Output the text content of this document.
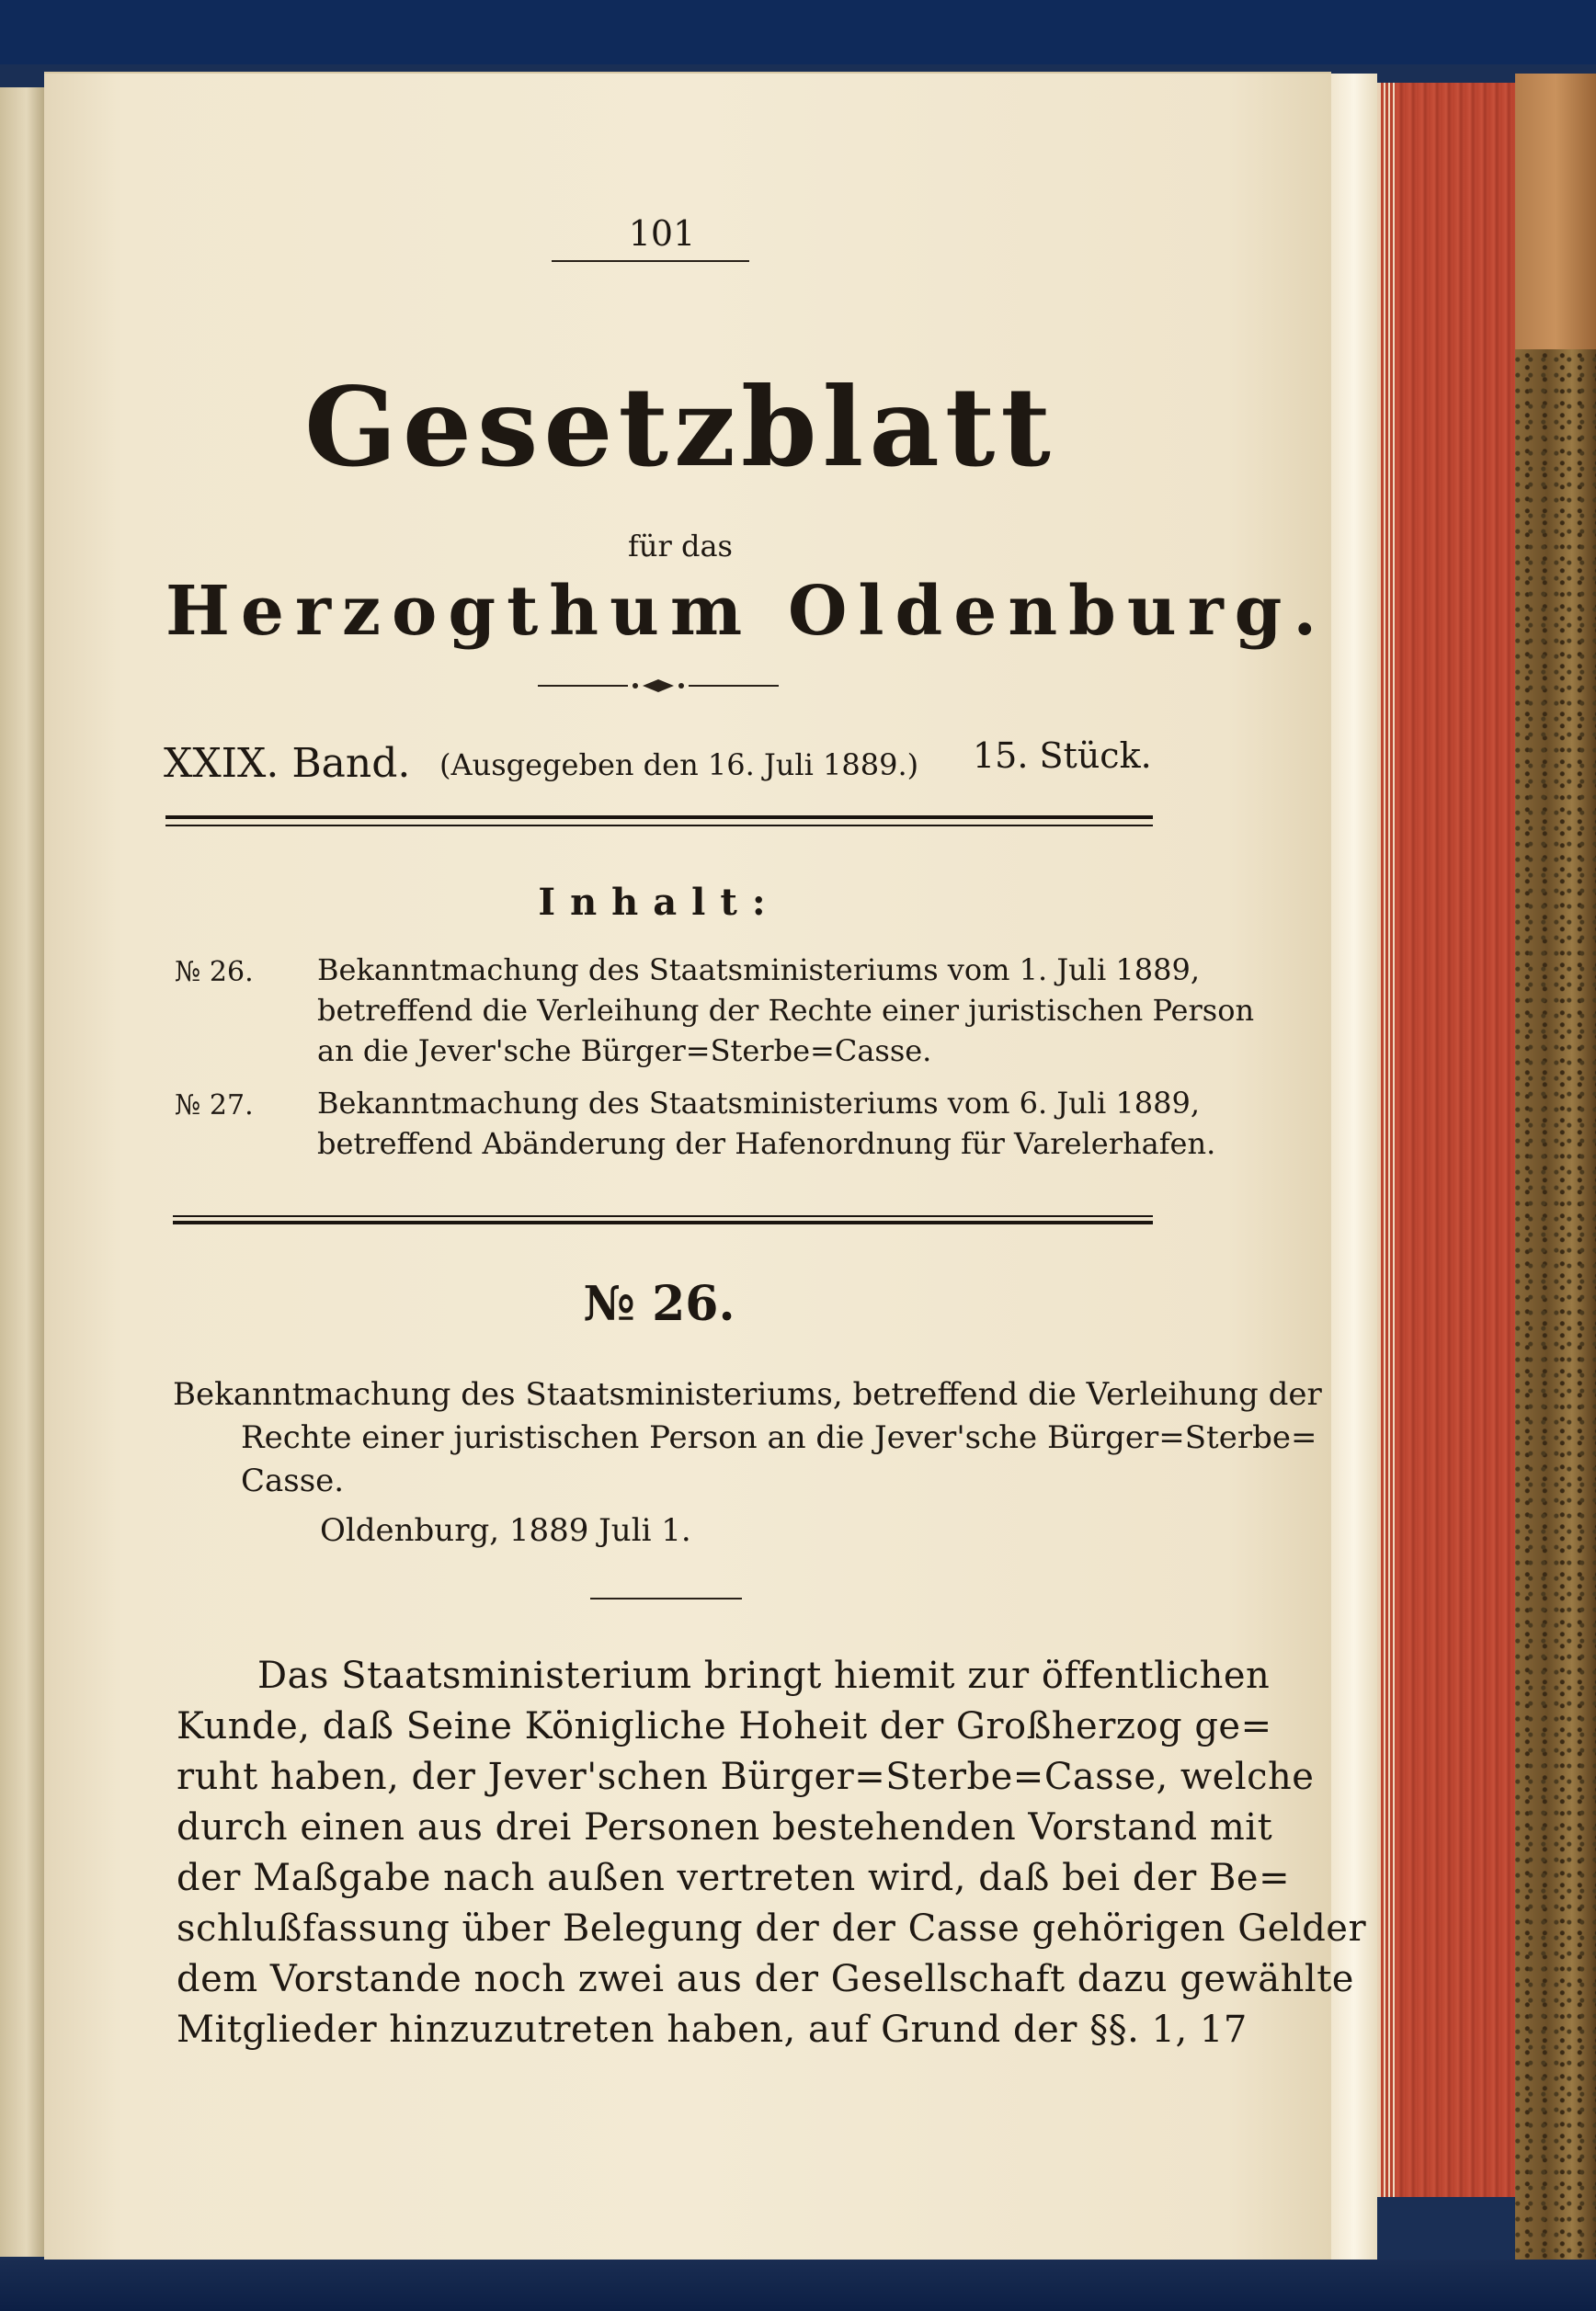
101
Gesetzblatt
für das
Herzogthum Oldenburg.
XXIX. Band. (Ausgegeben den 16. Juli 1889.) 15. Stück.
Inhalt:
№ 26. Bekanntmachung des Staatsministeriums vom 1. Juli 1889,
betreffend die Verleihung der Rechte einer juristischen Person
an die Jever'sche Bürger=Sterbe=Casse.
№ 27. Bekanntmachung des Staatsministeriums vom 6. Juli 1889,
betreffend Abänderung der Hafenordnung für Varelerhafen.
№ 26.
Bekanntmachung des Staatsministeriums, betreffend die Verleihung der
Rechte einer juristischen Person an die Jever'sche Bürger=Sterbe=
Casse.
Oldenburg, 1889 Juli 1.
Das Staatsministerium bringt hiemit zur öffentlichen
Kunde, daß Seine Königliche Hoheit der Großherzog ge=
ruht haben, der Jever'schen Bürger=Sterbe=Casse, welche
durch einen aus drei Personen bestehenden Vorstand mit
der Maßgabe nach außen vertreten wird, daß bei der Be=
schlußfassung über Belegung der der Casse gehörigen Gelder
dem Vorstande noch zwei aus der Gesellschaft dazu gewählte
Mitglieder hinzuzutreten haben, auf Grund der §§. 1, 17
